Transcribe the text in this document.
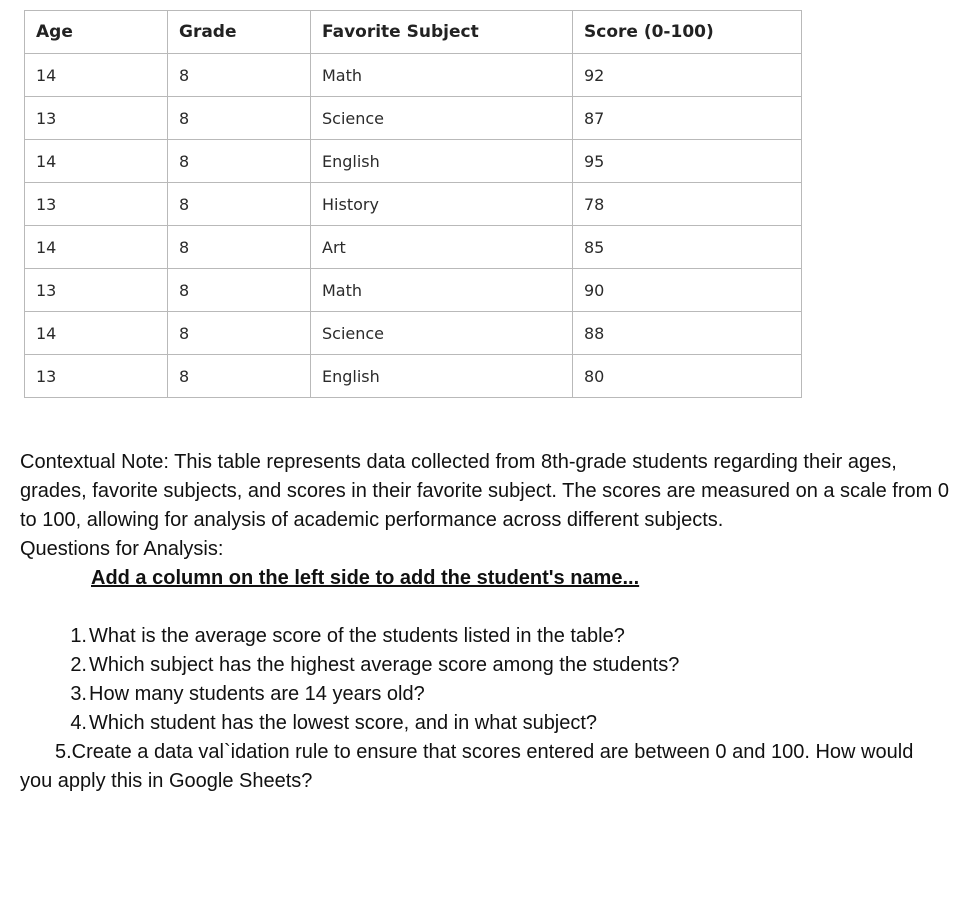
Age	Grade	Favorite Subject	Score (0-100)
14	8	Math	92
13	8	Science	87
14	8	English	95
13	8	History	78
14	8	Art	85
13	8	Math	90
14	8	Science	88
13	8	English	80

Contextual Note: This table represents data collected from 8th-grade students regarding their ages, grades, favorite subjects, and scores in their favorite subject. The scores are measured on a scale from 0 to 100, allowing for analysis of academic performance across different subjects.

Questions for Analysis:

Add a column on the left side to add the student's name...

1. What is the average score of the students listed in the table?
2. Which subject has the highest average score among the students?
3. How many students are 14 years old?
4. Which student has the lowest score, and in what subject?

5.Create a data val`idation rule to ensure that scores entered are between 0 and 100. How would you apply this in Google Sheets?
